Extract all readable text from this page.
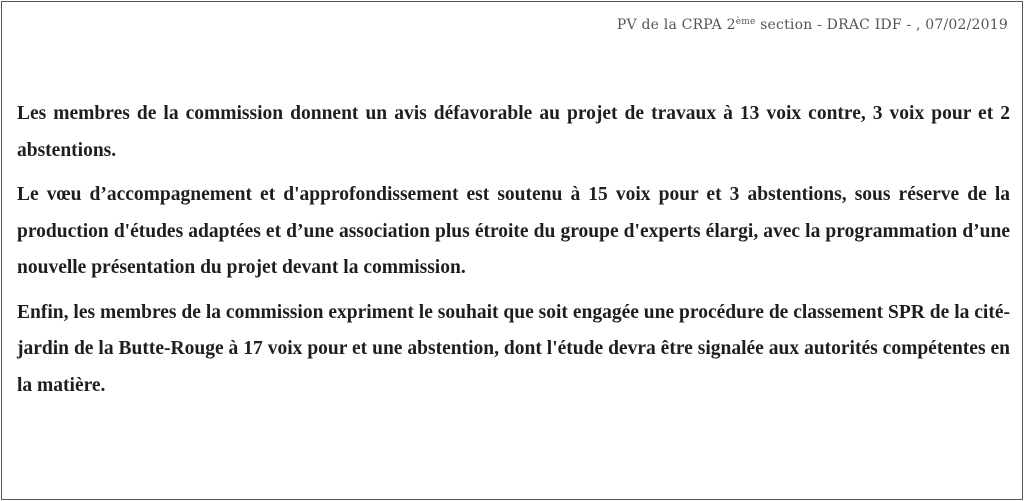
PV de la CRPA 2ème section - DRAC IDF - , 07/02/2019

Les membres de la commission donnent un avis défavorable au projet de travaux à 13 voix contre, 3 voix pour et 2 abstentions.

Le vœu d’accompagnement et d'approfondissement est soutenu à 15 voix pour et 3 abstentions, sous réserve de la production d'études adaptées et d’une association plus étroite du groupe d'experts élargi, avec la programmation d’une nouvelle présentation du projet devant la commission.

Enfin, les membres de la commission expriment le souhait que soit engagée une procédure de classement SPR de la cité-jardin de la Butte-Rouge à 17 voix pour et une abstention, dont l'étude devra être signalée aux autorités compétentes en la matière.
